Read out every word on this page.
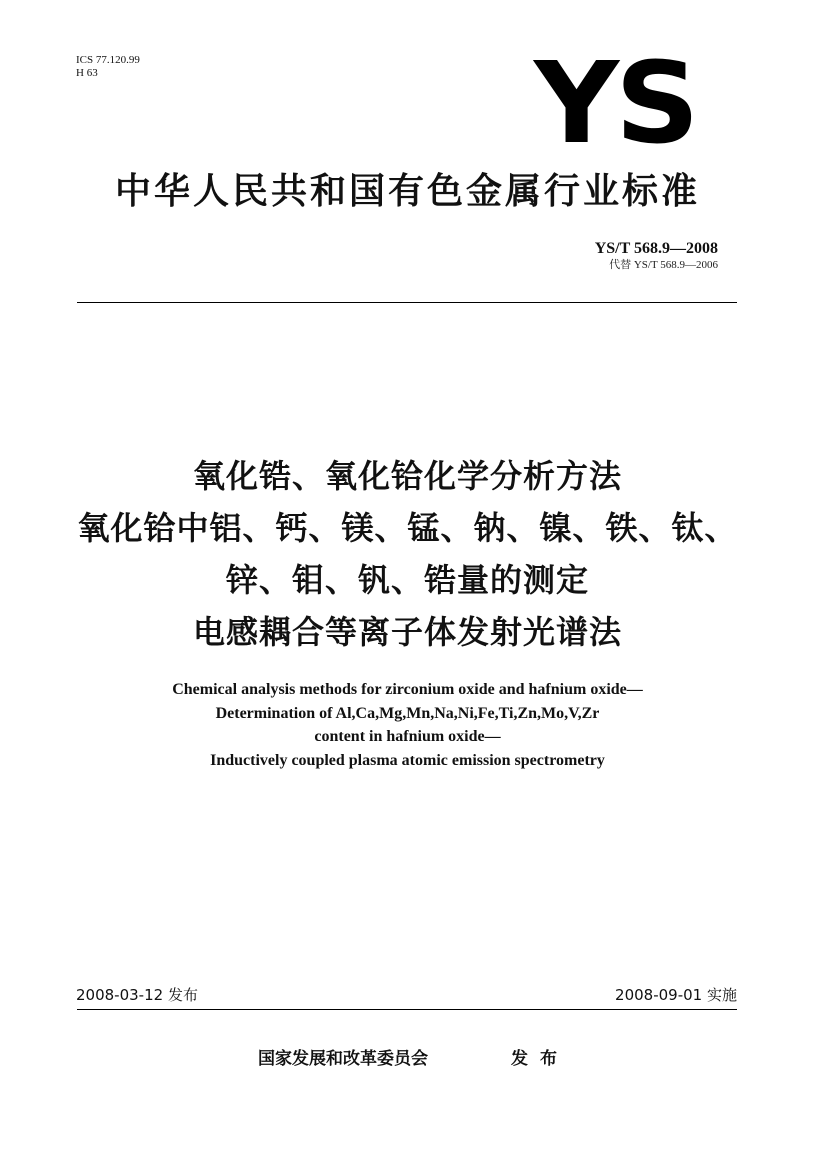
ICS 77.120.99
H 63	YS
中华人民共和国有色金属行业标准
YS/T 568.9—2008
代替 YS/T 568.9—2006
氧化锆、氧化铪化学分析方法
氧化铪中铝、钙、镁、锰、钠、镍、铁、钛、
锌、钼、钒、锆量的测定
电感耦合等离子体发射光谱法
Chemical analysis methods for zirconium oxide and hafnium oxide—
Determination of Al,Ca,Mg,Mn,Na,Ni,Fe,Ti,Zn,Mo,V,Zr
content in hafnium oxide—
Inductively coupled plasma atomic emission spectrometry
2008-03-12 发布	2008-09-01 实施
国家发展和改革委员会	发布
